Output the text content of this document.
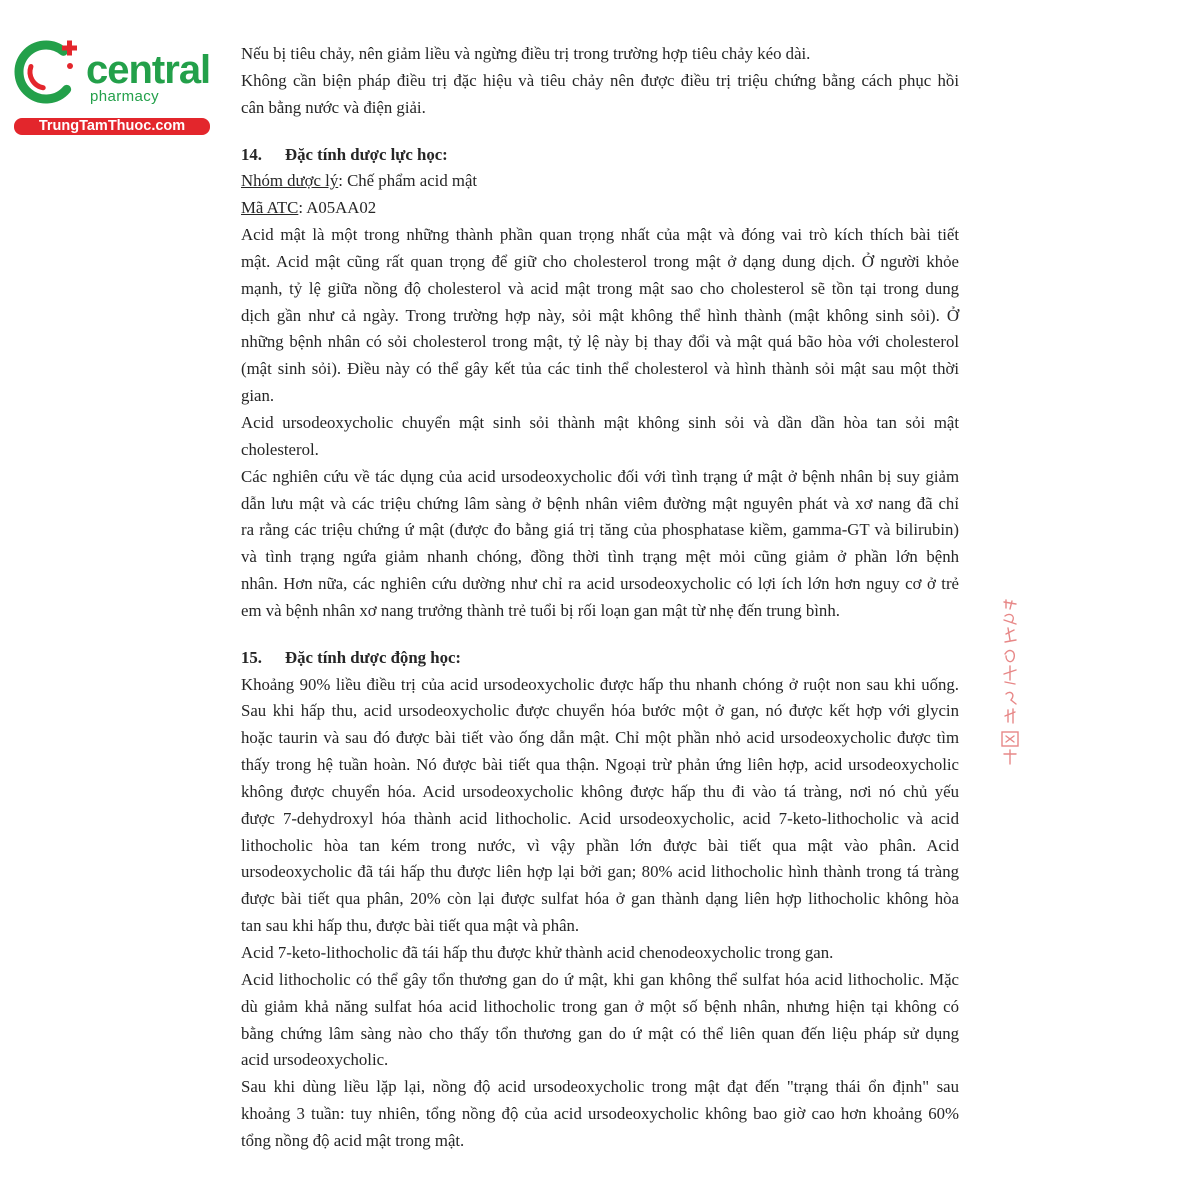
central
pharmacy
TrungTamThuoc.com
Nếu bị tiêu chảy, nên giảm liều và ngừng điều trị trong trường hợp tiêu chảy kéo dài.
Không cần biện pháp điều trị đặc hiệu và tiêu chảy nên được điều trị triệu chứng bằng cách phục hồi
cân bằng nước và điện giải.
14. Đặc tính dược lực học:
Nhóm dược lý: Chế phẩm acid mật
Mã ATC: A05AA02
Acid mật là một trong những thành phần quan trọng nhất của mật và đóng vai trò kích thích bài tiết
mật. Acid mật cũng rất quan trọng để giữ cho cholesterol trong mật ở dạng dung dịch. Ở người khỏe
mạnh, tỷ lệ giữa nồng độ cholesterol và acid mật trong mật sao cho cholesterol sẽ tồn tại trong dung
dịch gần như cả ngày. Trong trường hợp này, sỏi mật không thể hình thành (mật không sinh sỏi). Ở
những bệnh nhân có sỏi cholesterol trong mật, tỷ lệ này bị thay đổi và mật quá bão hòa với cholesterol
(mật sinh sỏi). Điều này có thể gây kết tủa các tinh thể cholesterol và hình thành sỏi mật sau một thời
gian.
Acid ursodeoxycholic chuyển mật sinh sỏi thành mật không sinh sỏi và dần dần hòa tan sỏi mật
cholesterol.
Các nghiên cứu về tác dụng của acid ursodeoxycholic đối với tình trạng ứ mật ở bệnh nhân bị suy giảm
dẫn lưu mật và các triệu chứng lâm sàng ở bệnh nhân viêm đường mật nguyên phát và xơ nang đã chỉ
ra rằng các triệu chứng ứ mật (được đo bằng giá trị tăng của phosphatase kiềm, gamma-GT và bilirubin)
và tình trạng ngứa giảm nhanh chóng, đồng thời tình trạng mệt mỏi cũng giảm ở phần lớn bệnh
nhân. Hơn nữa, các nghiên cứu dường như chỉ ra acid ursodeoxycholic có lợi ích lớn hơn nguy cơ ở trẻ
em và bệnh nhân xơ nang trưởng thành trẻ tuổi bị rối loạn gan mật từ nhẹ đến trung bình.
15. Đặc tính dược động học:
Khoảng 90% liều điều trị của acid ursodeoxycholic được hấp thu nhanh chóng ở ruột non sau khi uống.
Sau khi hấp thu, acid ursodeoxycholic được chuyển hóa bước một ở gan, nó được kết hợp với glycin
hoặc taurin và sau đó được bài tiết vào ống dẫn mật. Chỉ một phần nhỏ acid ursodeoxycholic được tìm
thấy trong hệ tuần hoàn. Nó được bài tiết qua thận. Ngoại trừ phản ứng liên hợp, acid ursodeoxycholic
không được chuyển hóa. Acid ursodeoxycholic không được hấp thu đi vào tá tràng, nơi nó chủ yếu
được 7-dehydroxyl hóa thành acid lithocholic. Acid ursodeoxycholic, acid 7-keto-lithocholic và acid
lithocholic hòa tan kém trong nước, vì vậy phần lớn được bài tiết qua mật vào phân. Acid
ursodeoxycholic đã tái hấp thu được liên hợp lại bởi gan; 80% acid lithocholic hình thành trong tá tràng
được bài tiết qua phân, 20% còn lại được sulfat hóa ở gan thành dạng liên hợp lithocholic không hòa
tan sau khi hấp thu, được bài tiết qua mật và phân.
Acid 7-keto-lithocholic đã tái hấp thu được khử thành acid chenodeoxycholic trong gan.
Acid lithocholic có thể gây tổn thương gan do ứ mật, khi gan không thể sulfat hóa acid lithocholic. Mặc
dù giảm khả năng sulfat hóa acid lithocholic trong gan ở một số bệnh nhân, nhưng hiện tại không có
bằng chứng lâm sàng nào cho thấy tổn thương gan do ứ mật có thể liên quan đến liệu pháp sử dụng
acid ursodeoxycholic.
Sau khi dùng liều lặp lại, nồng độ acid ursodeoxycholic trong mật đạt đến "trạng thái ổn định" sau
khoảng 3 tuần: tuy nhiên, tổng nồng độ của acid ursodeoxycholic không bao giờ cao hơn khoảng 60%
tổng nồng độ acid mật trong mật.
